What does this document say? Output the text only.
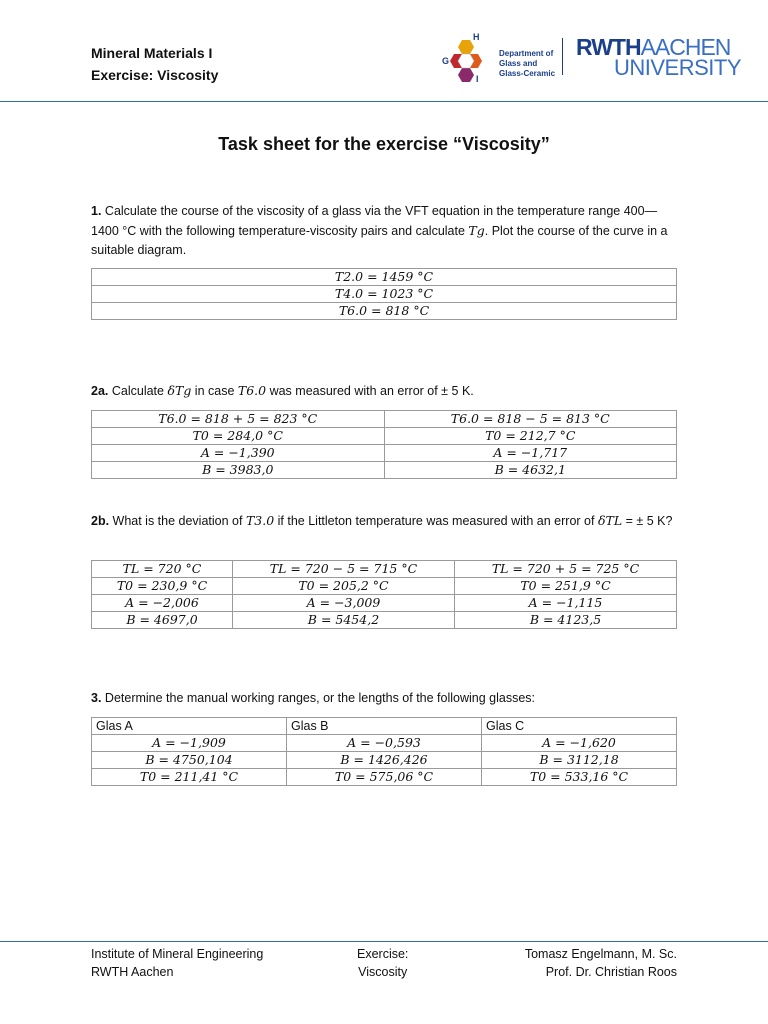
Mineral Materials I
Exercise: Viscosity
H
G
I
Department of
Glass and
Glass-Ceramic
RWTHAACHEN
UNIVERSITY
Task sheet for the exercise “Viscosity”
1. Calculate the course of the viscosity of a glass via the VFT equation in the temperature range 400—1400 °C with the following temperature-viscosity pairs and calculate Tg. Plot the course of the curve in a suitable diagram.
T2.0 = 1459 °C
T4.0 = 1023 °C
T6.0 = 818 °C
2a. Calculate δTg in case T6.0 was measured with an error of ± 5 K.
T6.0 = 818 + 5 = 823 °C	T6.0 = 818 − 5 = 813 °C
T0 = 284,0 °C	T0 = 212,7 °C
A = −1,390	A = −1,717
B = 3983,0	B = 4632,1
2b. What is the deviation of T3.0 if the Littleton temperature was measured with an error of δTL = ± 5 K?
TL = 720 °C	TL = 720 − 5 = 715 °C	TL = 720 + 5 = 725 °C
T0 = 230,9 °C	T0 = 205,2 °C	T0 = 251,9 °C
A = −2,006	A = −3,009	A = −1,115
B = 4697,0	B = 5454,2	B = 4123,5
3. Determine the manual working ranges, or the lengths of the following glasses:
Glas A	Glas B	Glas C
A = −1,909	A = −0,593	A = −1,620
B = 4750,104	B = 1426,426	B = 3112,18
T0 = 211,41 °C	T0 = 575,06 °C	T0 = 533,16 °C
Institute of Mineral Engineering
RWTH Aachen
Exercise:
Viscosity
Tomasz Engelmann, M. Sc.
Prof. Dr. Christian Roos
